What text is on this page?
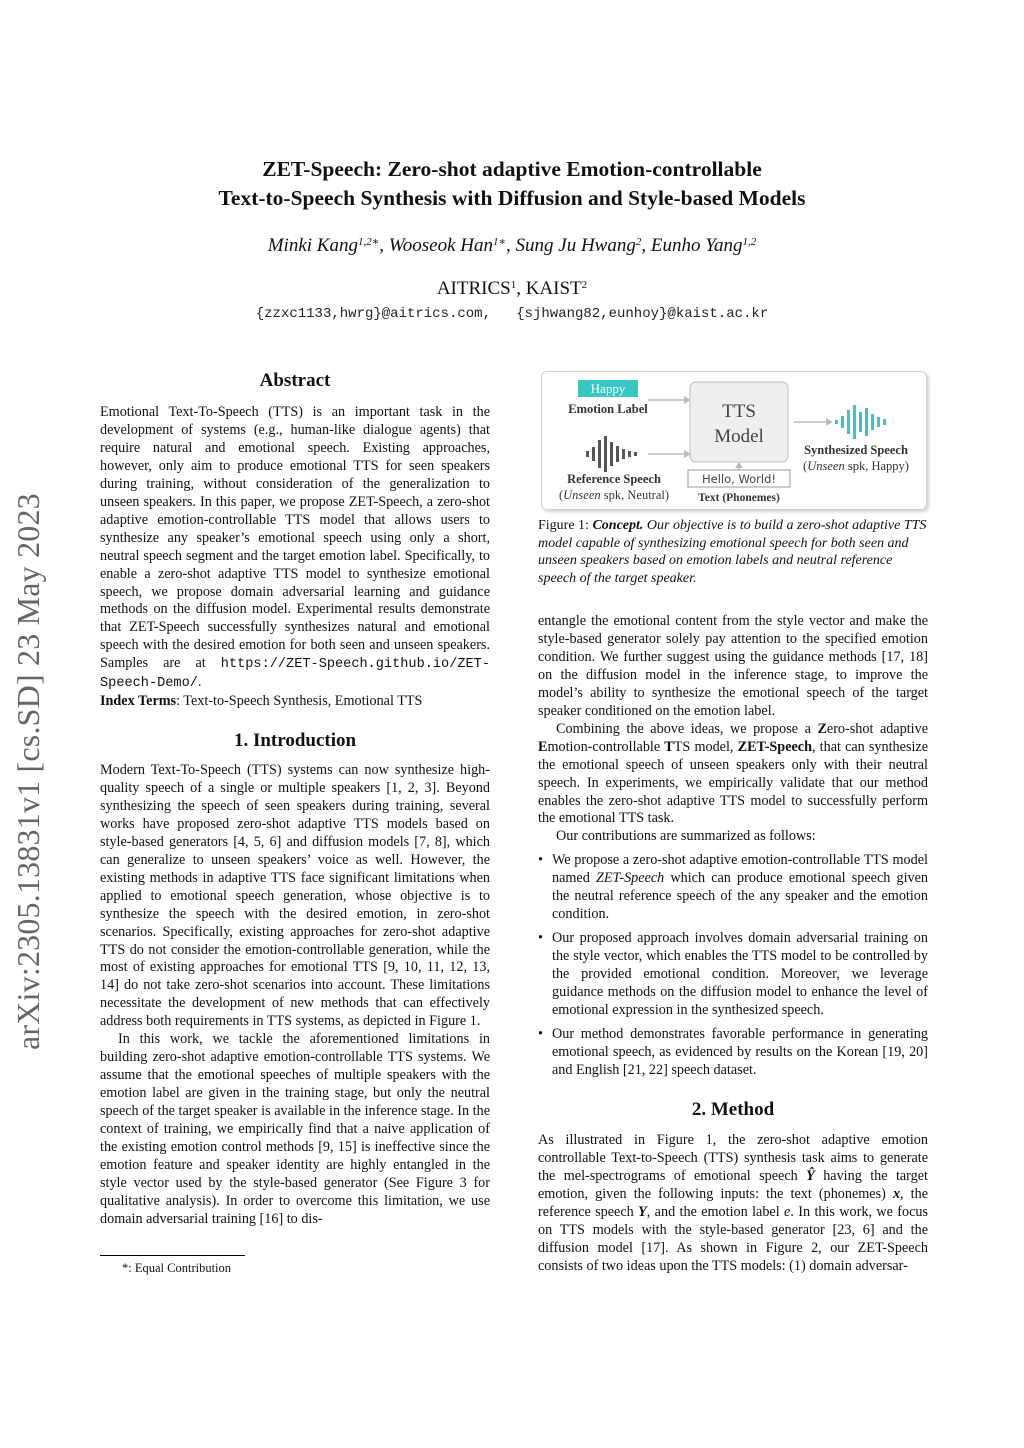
arXiv:2305.13831v1 [cs.SD] 23 May 2023
ZET-Speech: Zero-shot adaptive Emotion-controllable
Text-to-Speech Synthesis with Diffusion and Style-based Models
Minki Kang$^{1,2∗}$, Wooseok Han$^{1∗}$, Sung Ju Hwang$^2$, Eunho Yang$^{1,2}$
AITRICS$^1$, KAIST$^2$
{zzxc1133,hwrg}@aitrics.com,   {sjhwang82,eunhoy}@kaist.ac.kr
Abstract

Emotional Text-To-Speech (TTS) is an important task in the development of systems (e.g., human-like dialogue agents) that require natural and emotional speech. Existing approaches, however, only aim to produce emotional TTS for seen speakers during training, without consideration of the generalization to unseen speakers. In this paper, we propose ZET-Speech, a zero-shot adaptive emotion-controllable TTS model that allows users to synthesize any speaker’s emotional speech using only a short, neutral speech segment and the target emotion label. Specifically, to enable a zero-shot adaptive TTS model to synthesize emotional speech, we propose domain adversarial learning and guidance methods on the diffusion model. Experimental results demonstrate that ZET-Speech successfully synthesizes natural and emotional speech with the desired emotion for both seen and unseen speakers. Samples are at https://ZET-Speech.github.io/ZET-Speech-Demo/.

Index Terms: Text-to-Speech Synthesis, Emotional TTS

1. Introduction

Modern Text-To-Speech (TTS) systems can now synthesize high-quality speech of a single or multiple speakers [1, 2, 3]. Beyond synthesizing the speech of seen speakers during training, several works have proposed zero-shot adaptive TTS models based on style-based generators [4, 5, 6] and diffusion models [7, 8], which can generalize to unseen speakers’ voice as well. However, the existing methods in adaptive TTS face significant limitations when applied to emotional speech generation, whose objective is to synthesize the speech with the desired emotion, in zero-shot scenarios. Specifically, existing approaches for zero-shot adaptive TTS do not consider the emotion-controllable generation, while the most of existing approaches for emotional TTS [9, 10, 11, 12, 13, 14] do not take zero-shot scenarios into account. These limitations necessitate the development of new methods that can effectively address both requirements in TTS systems, as depicted in Figure 1.

In this work, we tackle the aforementioned limitations in building zero-shot adaptive emotion-controllable TTS systems. We assume that the emotional speeches of multiple speakers with the emotion label are given in the training stage, but only the neutral speech of the target speaker is available in the inference stage. In the context of training, we empirically find that a naive application of the existing emotion control methods [9, 15] is ineffective since the emotion feature and speaker identity are highly entangled in the style vector used by the style-based generator (See Figure 3 for qualitative analysis). In order to overcome this limitation, we use domain adversarial training [16] to dis-

*: Equal Contribution
Happy
Emotion Label
Reference Speech
(Unseen spk, Neutral)
TTS
Model
Hello, World!
Text (Phonemes)
Synthesized Speech
(Unseen spk, Happy)
Figure 1: Concept. Our objective is to build a zero-shot adaptive TTS model capable of synthesizing emotional speech for both seen and unseen speakers based on emotion labels and neutral reference speech of the target speaker.

entangle the emotional content from the style vector and make the style-based generator solely pay attention to the specified emotion condition. We further suggest using the guidance methods [17, 18] on the diffusion model in the inference stage, to improve the model’s ability to synthesize the emotional speech of the target speaker conditioned on the emotion label.

Combining the above ideas, we propose a Zero-shot adaptive Emotion-controllable TTS model, ZET-Speech, that can synthesize the emotional speech of unseen speakers only with their neutral speech. In experiments, we empirically validate that our method enables the zero-shot adaptive TTS model to successfully perform the emotional TTS task.

Our contributions are summarized as follows:

• We propose a zero-shot adaptive emotion-controllable TTS model named ZET-Speech which can produce emotional speech given the neutral reference speech of the any speaker and the emotion condition.
• Our proposed approach involves domain adversarial training on the style vector, which enables the TTS model to be controlled by the provided emotional condition. Moreover, we leverage guidance methods on the diffusion model to enhance the level of emotional expression in the synthesized speech.
• Our method demonstrates favorable performance in generating emotional speech, as evidenced by results on the Korean [19, 20] and English [21, 22] speech dataset.
2. Method

As illustrated in Figure 1, the zero-shot adaptive emotion controllable Text-to-Speech (TTS) synthesis task aims to generate the mel-spectrograms of emotional speech Ŷ having the target emotion, given the following inputs: the text (phonemes) x, the reference speech Y, and the emotion label e. In this work, we focus on TTS models with the style-based generator [23, 6] and the diffusion model [17]. As shown in Figure 2, our ZET-Speech consists of two ideas upon the TTS models: (1) domain adversar-
